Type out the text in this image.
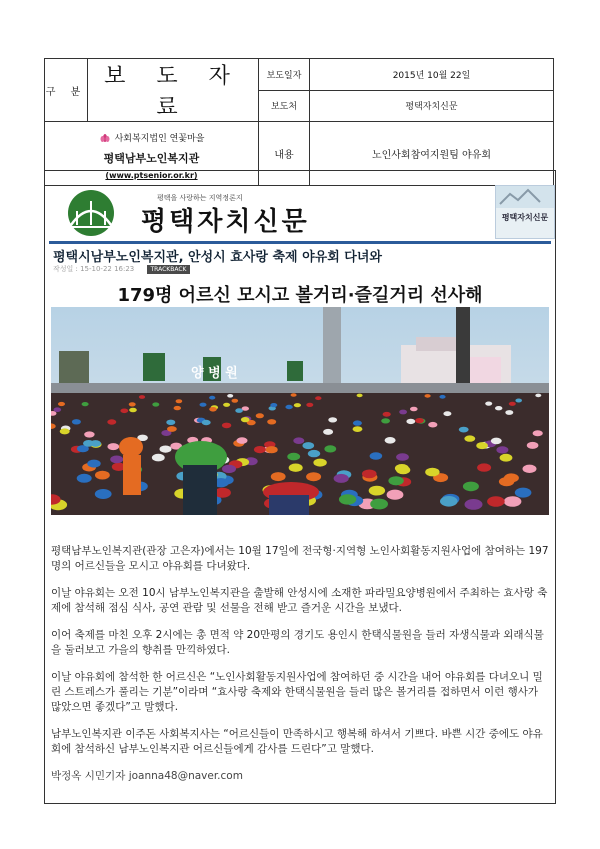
구 분	보 도 자 료	보도일자	2015년 10월 22일
		보도처	평택자치신문

사회복지법인 연꽃마을
평택남부노인복지관
(www.ptsenior.or.kr)		내용	노인사회참여지원팀 야유회
평택을 사랑하는 지역정론지
평택자치신문	평택자치신문
평택시남부노인복지관, 안성시 효사랑 축제 야유회 다녀와
작성일 : 15-10-22 16:23	TRACKBACK
179명 어르신 모시고 볼거리·즐길거리 선사해
양 병 원

평택남부노인복지관(관장 고은자)에서는 10월 17일에 전국형·지역형 노인사회활동지원사업에 참여하는 197명의 어르신들을 모시고 야유회를 다녀왔다.

이날 야유회는 오전 10시 남부노인복지관을 출발해 안성시에 소재한 파라밀요양병원에서 주최하는 효사랑 축제에 참석해 점심 식사, 공연 관람 및 선물을 전해 받고 즐거운 시간을 보냈다.

이어 축제를 마친 오후 2시에는 총 면적 약 20만평의 경기도 용인시 한택식물원을 들러 자생식물과 외래식물을 둘러보고 가을의 향취를 만끽하였다.

이날 야유회에 참석한 한 어르신은 “노인사회활동지원사업에 참여하던 중 시간을 내어 야유회를 다녀오니 밀린 스트레스가 풀리는 기분”이라며 “효사랑 축제와 한택식물원을 들러 많은 볼거리를 접하면서 이런 행사가 많았으면 좋겠다”고 말했다.

남부노인복지관 이주돈 사회복지사는 “어르신들이 만족하시고 행복해 하셔서 기쁘다. 바쁜 시간 중에도 야유회에 참석하신 남부노인복지관 어르신들에게 감사를 드린다”고 말했다.

박정옥 시민기자 joanna48@naver.com
